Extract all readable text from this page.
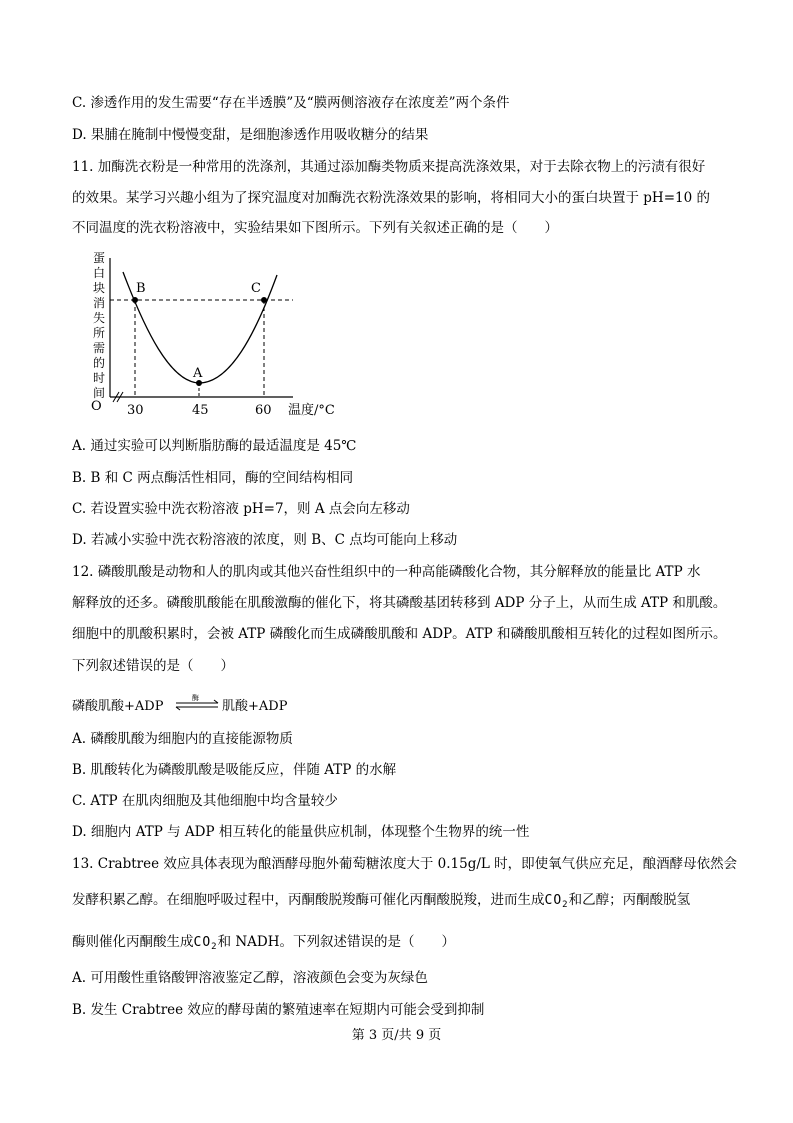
C. 渗透作用的发生需要“存在半透膜”及“膜两侧溶液存在浓度差”两个条件
D. 果脯在腌制中慢慢变甜，是细胞渗透作用吸收糖分的结果
11. 加酶洗衣粉是一种常用的洗涤剂，其通过添加酶类物质来提高洗涤效果，对于去除衣物上的污渍有很好
的效果。某学习兴趣小组为了探究温度对加酶洗衣粉洗涤效果的影响，将相同大小的蛋白块置于 pH=10 的
不同温度的洗衣粉溶液中，实验结果如下图所示。下列有关叙述正确的是（　　）
蛋
白
块
消
失
所
需
的
时
间
O
B
A
C
30	45	60 温度/°C
A. 通过实验可以判断脂肪酶的最适温度是 45℃
B. B 和 C 两点酶活性相同，酶的空间结构相同
C. 若设置实验中洗衣粉溶液 pH=7，则 A 点会向左移动
D. 若减小实验中洗衣粉溶液的浓度，则 B、C 点均可能向上移动
12. 磷酸肌酸是动物和人的肌肉或其他兴奋性组织中的一种高能磷酸化合物，其分解释放的能量比 ATP 水
解释放的还多。磷酸肌酸能在肌酸激酶的催化下，将其磷酸基团转移到 ADP 分子上，从而生成 ATP 和肌酸。
细胞中的肌酸积累时，会被 ATP 磷酸化而生成磷酸肌酸和 ADP。ATP 和磷酸肌酸相互转化的过程如图所示。
下列叙述错误的是（　　）
磷酸肌酸+ADP
酶
肌酸+ADP
A. 磷酸肌酸为细胞内的直接能源物质
B. 肌酸转化为磷酸肌酸是吸能反应，伴随 ATP 的水解
C. ATP 在肌肉细胞及其他细胞中均含量较少
D. 细胞内 ATP 与 ADP 相互转化的能量供应机制，体现整个生物界的统一性
13. Crabtree 效应具体表现为酿酒酵母胞外葡萄糖浓度大于 0.15g/L 时，即使氧气供应充足，酿酒酵母依然会
发酵积累乙醇。在细胞呼吸过程中，丙酮酸脱羧酶可催化丙酮酸脱羧，进而生成$CO_2$和乙醇；丙酮酸脱氢
酶则催化丙酮酸生成$CO_2$和 NADH。下列叙述错误的是（　　）
A. 可用酸性重铬酸钾溶液鉴定乙醇，溶液颜色会变为灰绿色
B. 发生 Crabtree 效应的酵母菌的繁殖速率在短期内可能会受到抑制
第 3 页/共 9 页
